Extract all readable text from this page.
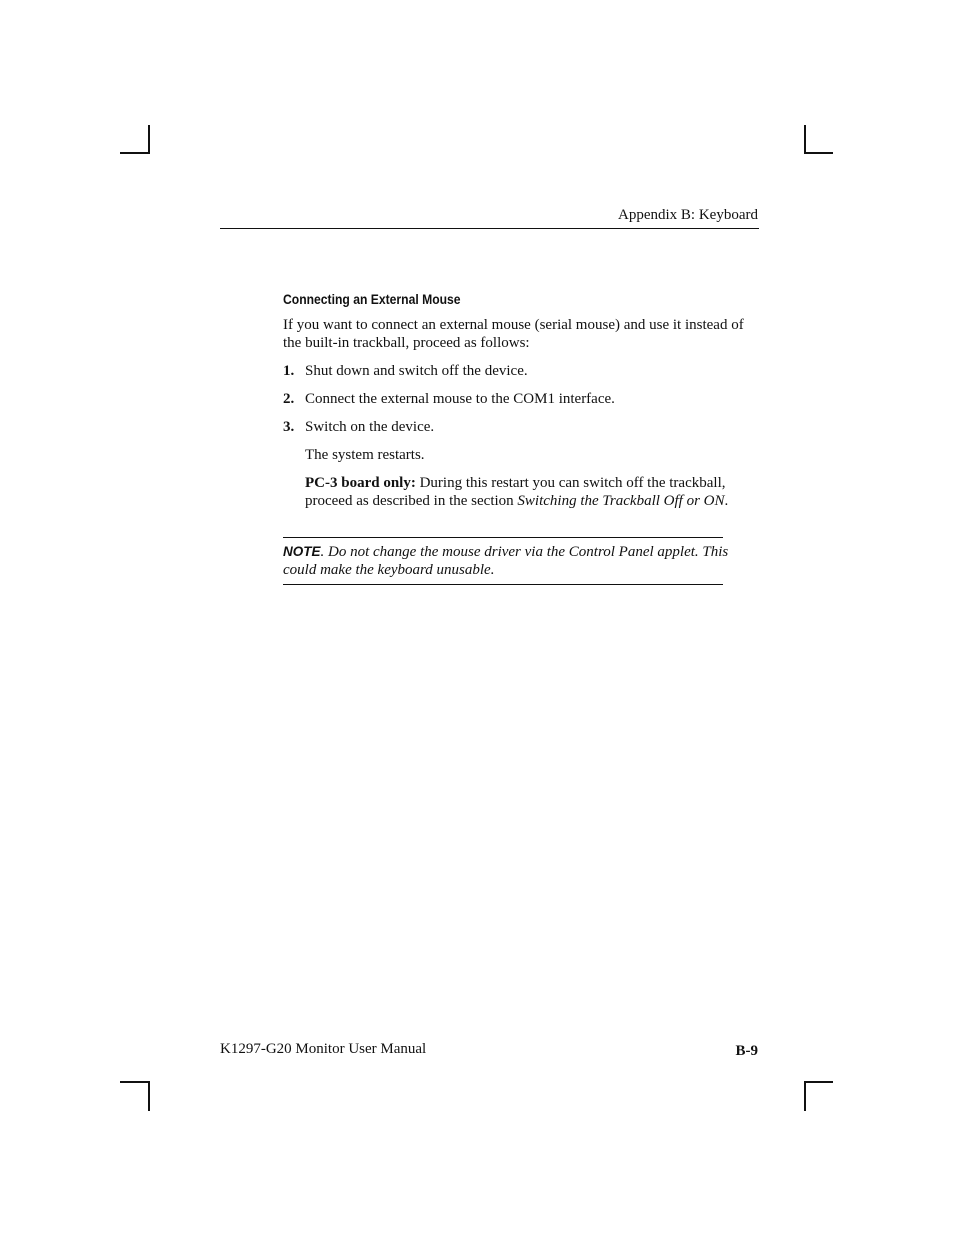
Appendix B: Keyboard
Connecting an External Mouse
If you want to connect an external mouse (serial mouse) and use it instead of the built-in trackball, proceed as follows:
1. Shut down and switch off the device.
2. Connect the external mouse to the COM1 interface.
3. Switch on the device.
The system restarts.
PC-3 board only: During this restart you can switch off the trackball, proceed as described in the section Switching the Trackball Off or ON.
NOTE. Do not change the mouse driver via the Control Panel applet. This could make the keyboard unusable.
K1297-G20 Monitor User Manual	B-9
